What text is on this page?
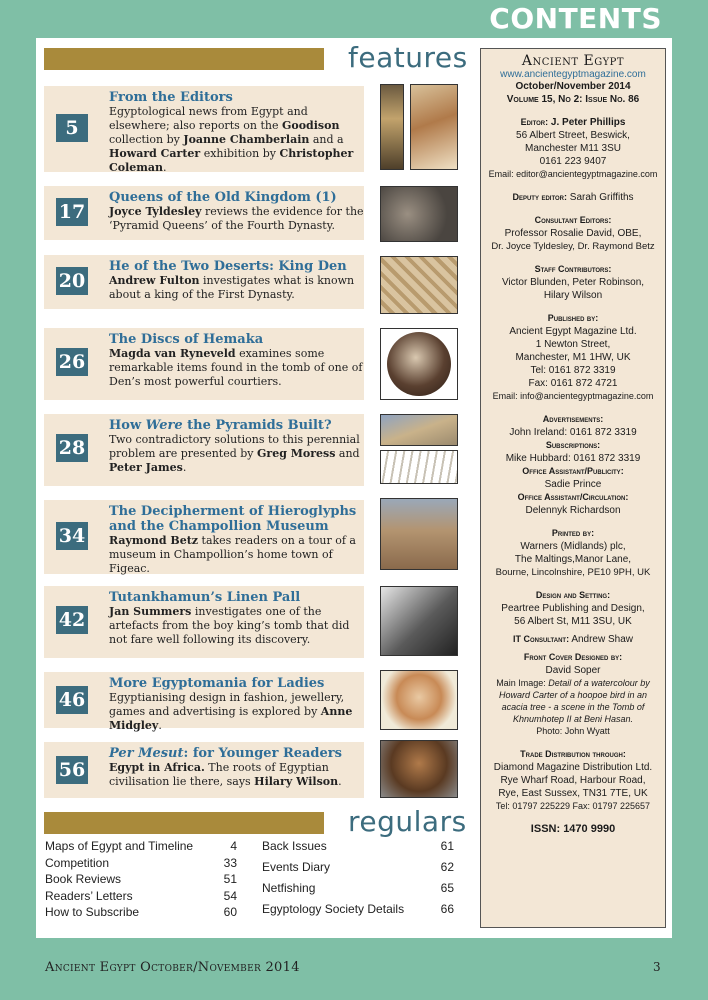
CONTENTS
features
5
From the Editors
Egyptological news from Egypt and elsewhere; also reports on the Goodison collection by Joanne Chamberlain and a Howard Carter exhibition by Christopher Coleman.
17
Queens of the Old Kingdom (1)
Joyce Tyldesley reviews the evidence for the ‘Pyramid Queens’ of the Fourth Dynasty.
20
He of the Two Deserts: King Den
Andrew Fulton investigates what is known about a king of the First Dynasty.
26
The Discs of Hemaka
Magda van Ryneveld examines some remarkable items found in the tomb of one of Den’s most powerful courtiers.
28
How Were the Pyramids Built?
Two contradictory solutions to this perennial problem are presented by Greg Moress and Peter James.
34
The Decipherment of Hieroglyphs
and the Champollion Museum
Raymond Betz takes readers on a tour of a museum in Champollion’s home town of Figeac.
42
Tutankhamun’s Linen Pall
Jan Summers investigates one of the artefacts from the boy king’s tomb that did not fare well following its discovery.
46
More Egyptomania for Ladies
Egyptianising design in fashion, jewellery, games and advertising is explored by Anne Midgley.
56
Per Mesut: for Younger Readers
Egypt in Africa. The roots of Egyptian civilisation lie there, says Hilary Wilson.
regulars
Maps of Egypt and Timeline	4
Competition	33
Book Reviews	51
Readers’ Letters	54
How to Subscribe	60
Back Issues	61
Events Diary	62
Netfishing	65
Egyptology Society Details	66
Ancient Egypt
www.ancientegyptmagazine.com
October/November 2014
Volume 15, No 2: Issue No. 86
Editor: J. Peter Phillips
56 Albert Street, Beswick,
Manchester M11 3SU
0161 223 9407
Email: editor@ancientegyptmagazine.com
Deputy editor: Sarah Griffiths
Consultant Editors:
Professor Rosalie David, OBE,
Dr. Joyce Tyldesley, Dr. Raymond Betz
Staff Contributors:
Victor Blunden, Peter Robinson,
Hilary Wilson
Published by:
Ancient Egypt Magazine Ltd.
1 Newton Street,
Manchester, M1 1HW, UK
Tel: 0161 872 3319
Fax: 0161 872 4721
Email: info@ancientegyptmagazine.com
Advertisements:
John Ireland: 0161 872 3319
Subscriptions:
Mike Hubbard: 0161 872 3319
Office Assistant/Publicity:
Sadie Prince
Office Assistant/Circulation:
Delennyk Richardson
Printed by:
Warners (Midlands) plc,
The Maltings,Manor Lane,
Bourne, Lincolnshire, PE10 9PH, UK
Design and Setting:
Peartree Publishing and Design,
56 Albert St, M11 3SU, UK
IT Consultant: Andrew Shaw
Front Cover Designed by:
David Soper
Main Image: Detail of a watercolour by Howard Carter of a hoopoe bird in an acacia tree - a scene in the Tomb of Khnumhotep II at Beni Hasan.
Photo: John Wyatt
Trade Distribution through:
Diamond Magazine Distribution Ltd.
Rye Wharf Road, Harbour Road,
Rye, East Sussex, TN31 7TE, UK
Tel: 01797 225229 Fax: 01797 225657
ISSN: 1470 9990
Ancient Egypt October/November 2014	3
